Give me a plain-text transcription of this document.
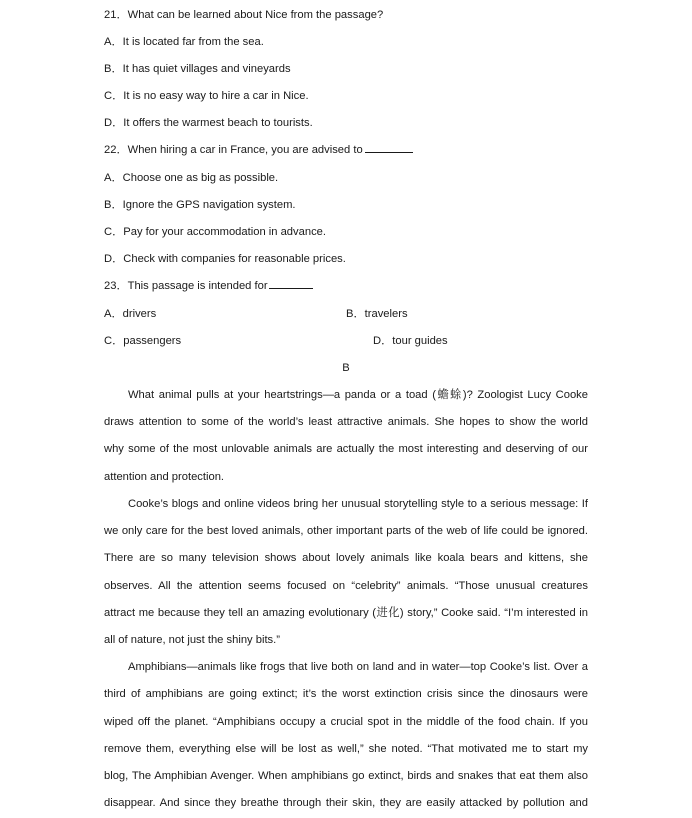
21．What can be learned about Nice from the passage?
A．It is located far from the sea.
B．It has quiet villages and vineyards
C．It is no easy way to hire a car in Nice.
D．It offers the warmest beach to tourists.
22．When hiring a car in France, you are advised to
A．Choose one as big as possible.
B．Ignore the GPS navigation system.
C．Pay for your accommodation in advance.
D．Check with companies for reasonable prices.
23．This passage is intended for
A．drivers	B．travelers
C．passengers	D．tour guides
B
What animal pulls at your heartstrings—a panda or a toad (蟾蜍)? Zoologist Lucy Cooke
draws attention to some of the world’s least attractive animals. She hopes to show the world
why some of the most unlovable animals are actually the most interesting and deserving of our
attention and protection.
Cooke’s blogs and online videos bring her unusual storytelling style to a serious message: If
we only care for the best loved animals, other important parts of the web of life could be ignored.
There are so many television shows about lovely animals like koala bears and kittens, she
observes. All the attention seems focused on “celebrity” animals. “Those unusual creatures
attract me because they tell an amazing evolutionary (进化) story,” Cooke said. “I’m interested in
all of nature, not just the shiny bits.”
Amphibians—animals like frogs that live both on land and in water—top Cooke’s list. Over a
third of amphibians are going extinct; it’s the worst extinction crisis since the dinosaurs were
wiped off the planet. “Amphibians occupy a crucial spot in the middle of the food chain. If you
remove them, everything else will be lost as well,” she noted. “That motivated me to start my
blog, The Amphibian Avenger. When amphibians go extinct, birds and snakes that eat them also
disappear. And since they breathe through their skin, they are easily attacked by pollution and
